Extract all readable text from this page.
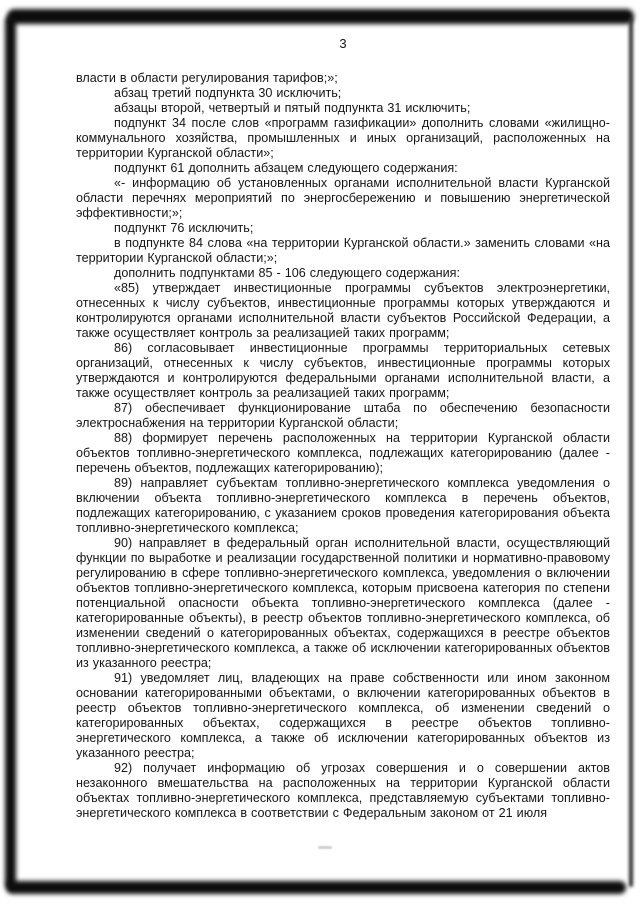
3

власти в области регулирования тарифов;»;

абзац третий подпункта 30 исключить;

абзацы второй, четвертый и пятый подпункта 31 исключить;

подпункт 34 после слов «программ газификации» дополнить словами «жилищно-коммунального хозяйства, промышленных и иных организаций, расположенных на территории Курганской области»;

подпункт 61 дополнить абзацем следующего содержания:

«- информацию об установленных органами исполнительной власти Курганской области перечнях мероприятий по энергосбережению и повышению энергетической эффективности;»;

подпункт 76 исключить;

в подпункте 84 слова «на территории Курганской области.» заменить словами «на территории Курганской области;»;

дополнить подпунктами 85 - 106 следующего содержания:

«85) утверждает инвестиционные программы субъектов электроэнергетики, отнесенных к числу субъектов, инвестиционные программы которых утверждаются и контролируются органами исполнительной власти субъектов Российской Федерации, а также осуществляет контроль за реализацией таких программ;

86) согласовывает инвестиционные программы территориальных сетевых организаций, отнесенных к числу субъектов, инвестиционные программы которых утверждаются и контролируются федеральными органами исполнительной власти, а также осуществляет контроль за реализацией таких программ;

87) обеспечивает функционирование штаба по обеспечению безопасности электроснабжения на территории Курганской области;

88) формирует перечень расположенных на территории Курганской области объектов топливно-энергетического комплекса, подлежащих категорированию (далее - перечень объектов, подлежащих категорированию);

89) направляет субъектам топливно-энергетического комплекса уведомления о включении объекта топливно-энергетического комплекса в перечень объектов, подлежащих категорированию, с указанием сроков проведения категорирования объекта топливно-энергетического комплекса;

90) направляет в федеральный орган исполнительной власти, осуществляющий функции по выработке и реализации государственной политики и нормативно-правовому регулированию в сфере топливно-энергетического комплекса, уведомления о включении объектов топливно-энергетического комплекса, которым присвоена категория по степени потенциальной опасности объекта топливно-энергетического комплекса (далее - категорированные объекты), в реестр объектов топливно-энергетического комплекса, об изменении сведений о категорированных объектах, содержащихся в реестре объектов топливно-энергетического комплекса, а также об исключении категорированных объектов из указанного реестра;

91) уведомляет лиц, владеющих на праве собственности или ином законном основании категорированными объектами, о включении категорированных объектов в реестр объектов топливно-энергетического комплекса, об изменении сведений о категорированных объектах, содержащихся в реестре объектов топливно-энергетического комплекса, а также об исключении категорированных объектов из указанного реестра;

92) получает информацию об угрозах совершения и о совершении актов незаконного вмешательства на расположенных на территории Курганской области объектах топливно-энергетического комплекса, представляемую субъектами топливно-энергетического комплекса в соответствии с Федеральным законом от 21 июля
